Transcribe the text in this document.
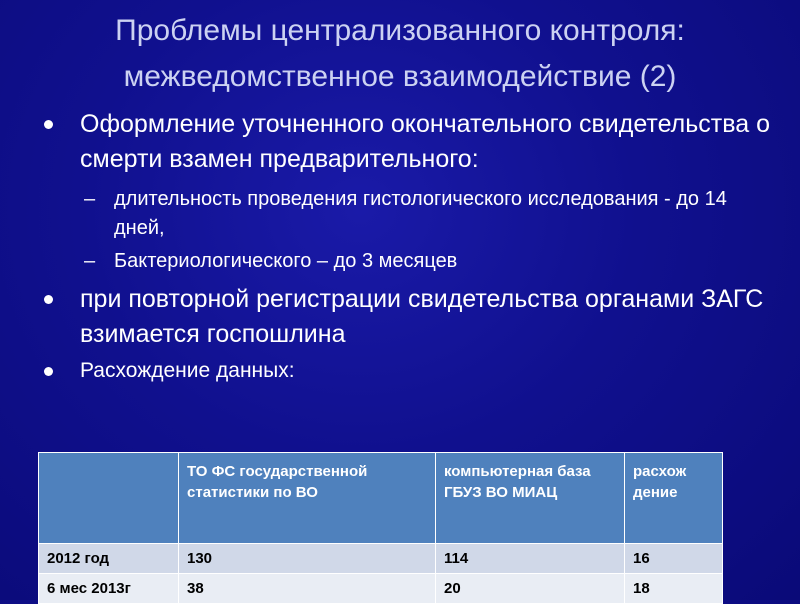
Проблемы централизованного контроля:
межведомственное взаимодействие (2)
Оформление уточненного окончательного свидетельства о смерти взамен предварительного:
– длительность проведения гистологического исследования - до 14 дней,
– Бактериологического – до 3 месяцев
при повторной регистрации свидетельства органами ЗАГС взимается госпошлина
Расхождение данных:
	ТО ФС государственной статистики по ВО	компьютерная база ГБУЗ ВО МИАЦ	расхож дение
2012 год	130	114	16
6 мес 2013г	38	20	18
